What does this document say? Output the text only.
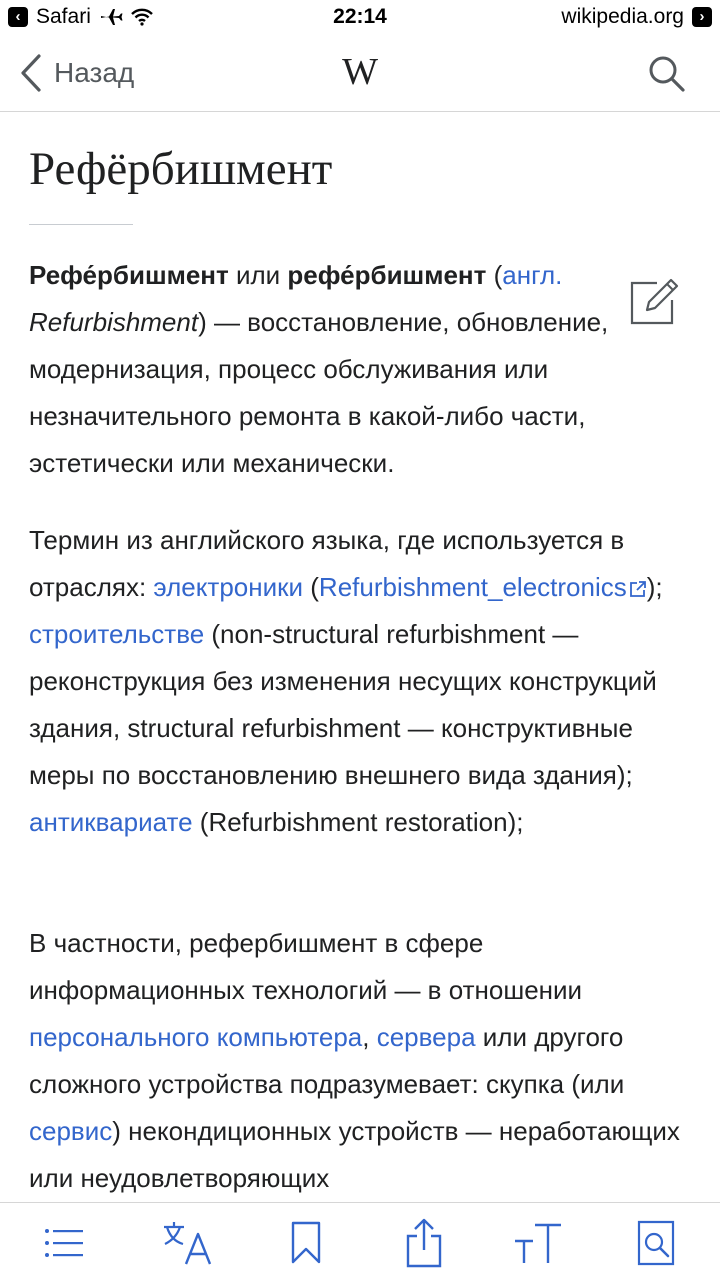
‹ Safari	22:14	wikipedia.org	›
Назад	W
Рефёрбишмент

Рефе́рбишмент или рефе́рбишмент (англ. Refurbishment) — восстановление, обновление, модернизация, процесс обслуживания или незначительного ремонта в какой-либо части, эстетически или механически.

Термин из английского языка, где используется в отраслях: электроники (Refurbishment_electronics ); строительстве (non-structural refurbishment — реконструкция без изменения несущих конструкций здания, structural refurbishment — конструктивные меры по восстановлению внешнего вида здания); антиквариате (Refurbishment restoration);

В частности, рефербишмент в сфере информационных технологий — в отношении персонального компьютера, сервера или другого сложного устройства подразумевает: скупка (или сервис) некондиционных устройств — неработающих или неудовлетворяющих
